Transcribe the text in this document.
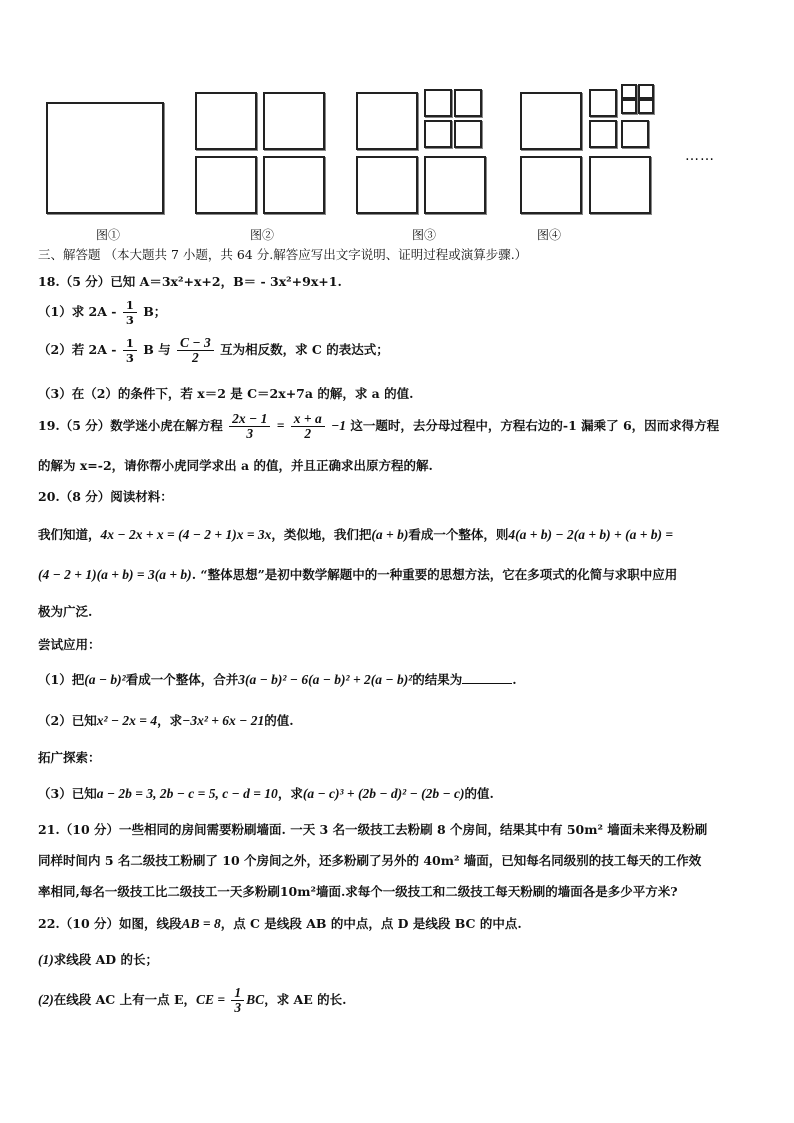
……
图①	图②	图③	图④
三、解答题 （本大题共 7 小题，共 64 分.解答应写出文字说明、证明过程或演算步骤.）
18.（5 分）已知 A＝3x²+x+2，B＝ - 3x²+9x+1.
（1）求 $2A - \frac{1}{3}$ B；
（2）若 $2A - \frac{1}{3}$ B 与 $\frac{C - 3}{2}$ 互为相反数，求 C 的表达式；
（3）在（2）的条件下，若 x＝2 是 C＝2x+7a 的解，求 a 的值.
19.（5 分）数学迷小虎在解方程 $\frac{2x - 1}{3} = \frac{x + a}{2} -1$ 这一题时，去分母过程中，方程右边的-1 漏乘了 6，因而求得方程
的解为 x=-2，请你帮小虎同学求出 a 的值，并且正确求出原方程的解.
20.（8 分）阅读材料：
我们知道，4x − 2x + x = (4 − 2 + 1)x = 3x，类似地，我们把(a + b)看成一个整体，则4(a + b) − 2(a + b) + (a + b) =
(4 − 2 + 1)(a + b) = 3(a + b). “整体思想”是初中数学解题中的一种重要的思想方法，它在多项式的化简与求职中应用
极为广泛.
尝试应用：
（1）把(a − b)²看成一个整体，合并3(a − b)² − 6(a − b)² + 2(a − b)²的结果为	.
（2）已知x² − 2x = 4，求−3x² + 6x − 21的值.
拓广探索：
（3）已知a − 2b = 3, 2b − c = 5, c − d = 10，求(a − c)³ + (2b − d)² − (2b − c)的值.
21.（10 分）一些相同的房间需要粉刷墙面. 一天 3 名一级技工去粉刷 8 个房间，结果其中有 50m² 墙面未来得及粉刷
同样时间内 5 名二级技工粉刷了 10 个房间之外，还多粉刷了另外的 40m² 墙面，已知每名同级别的技工每天的工作效
率相同,每名一级技工比二级技工一天多粉刷10m²墙面.求每个一级技工和二级技工每天粉刷的墙面各是多少平方米?
22.（10 分）如图，线段AB = 8，点 C 是线段 AB 的中点，点 D 是线段 BC 的中点.
(1)求线段 AD 的长；
(2)在线段 AC 上有一点 E，CE = $\frac{1}{3}$ BC，求 AE 的长.
